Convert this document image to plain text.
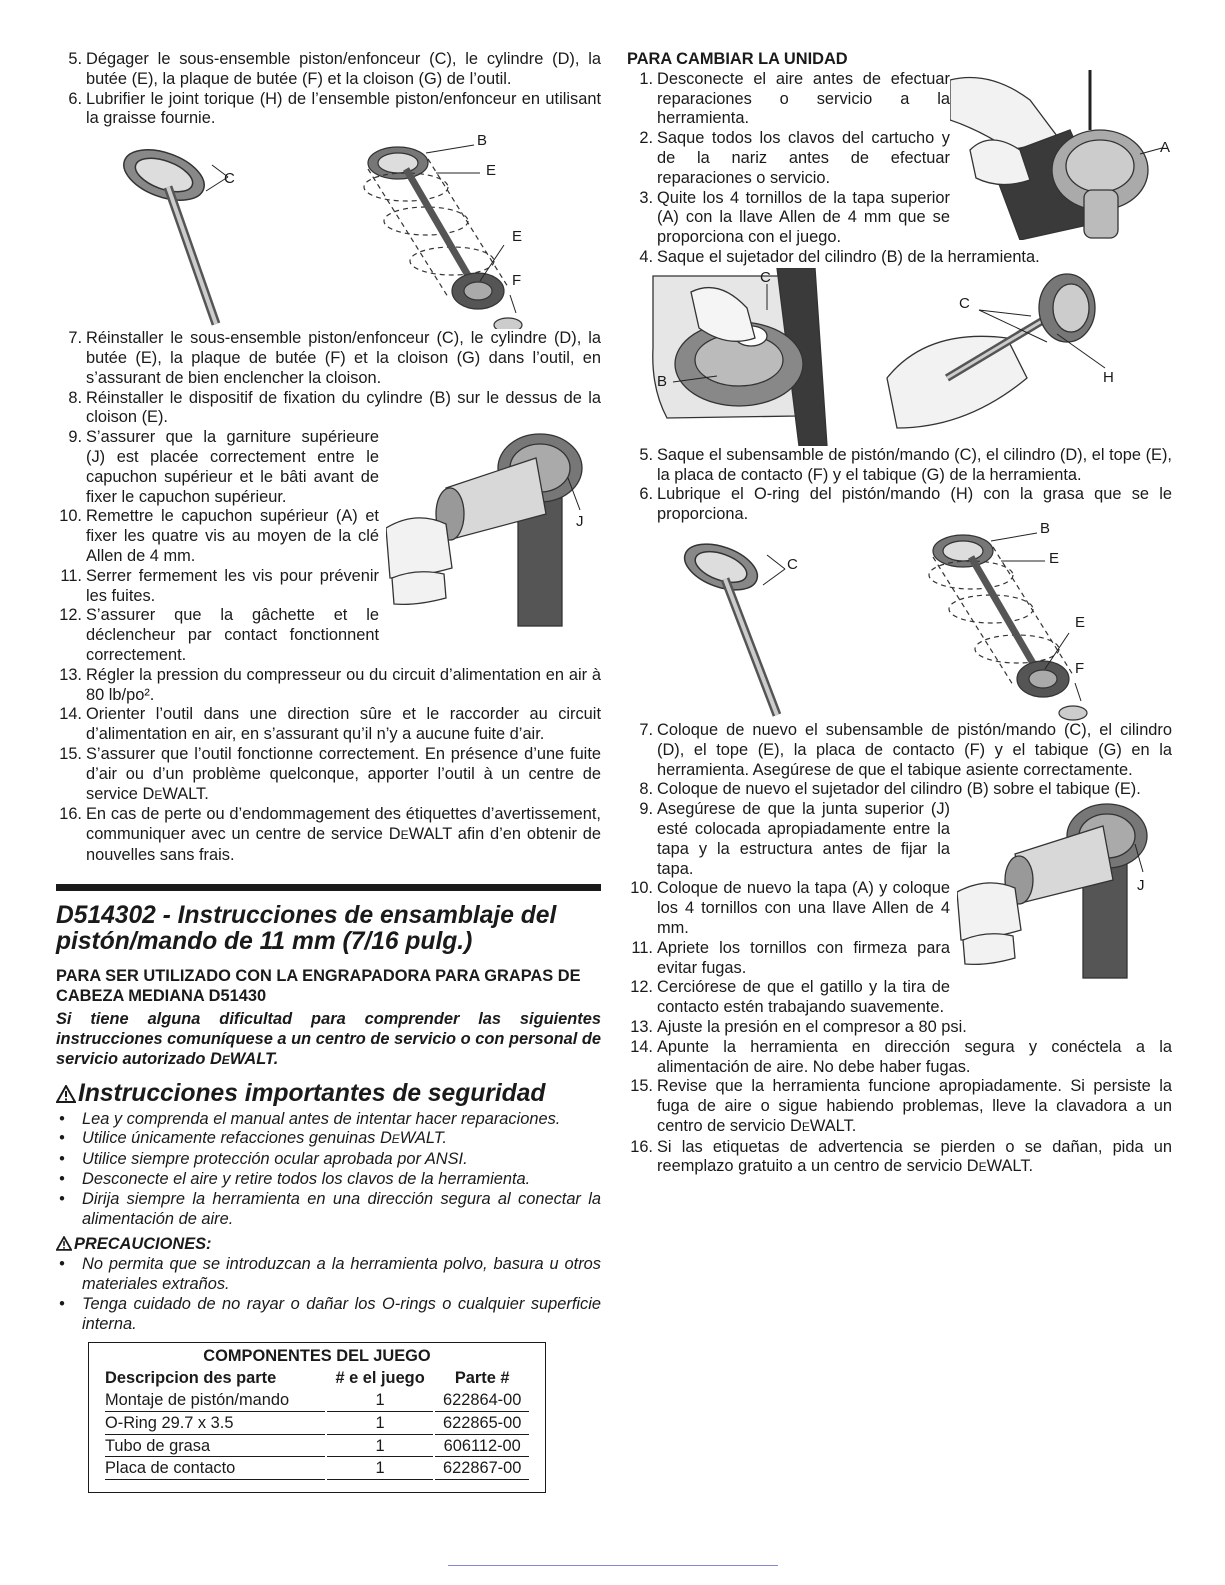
5. Dégager le sous-ensemble piston/enfonceur (C), le cylindre (D), la butée (E), la plaque de butée (F) et la cloison (G) de l’outil.
6. Lubrifier le joint torique (H) de l’ensemble piston/enfonceur en utilisant la graisse fournie.
C
B
E
E
F
7. Réinstaller le sous-ensemble piston/enfonceur (C), le cylindre (D), la butée (E), la plaque de butée (F) et la cloison (G) dans l’outil, en s’assurant de bien enclencher la cloison.
8. Réinstaller le dispositif de fixation du cylindre (B) sur le dessus de la cloison (E).
J
9. S’assurer que la garniture supérieure (J) est placée correctement entre le capuchon supérieur et le bâti avant de fixer le capuchon supérieur.
10. Remettre le capuchon supérieur (A) et fixer les quatre vis au moyen de la clé Allen de 4 mm.
11. Serrer fermement les vis pour prévenir les fuites.
12. S’assurer que la gâchette et le déclencheur par contact fonctionnent correctement.
13. Régler la pression du compresseur ou du circuit d’alimentation en air à 80 lb/po².
14. Orienter l’outil dans une direction sûre et le raccorder au circuit d’alimentation en air, en s’assurant qu’il n’y a aucune fuite d’air.
15. S’assurer que l’outil fonctionne correctement. En présence d’une fuite d’air ou d’un problème quelconque, apporter l’outil à un centre de service DEWALT.
16. En cas de perte ou d’endommagement des étiquettes d’avertissement, communiquer avec un centre de service DEWALT afin d’en obtenir de nouvelles sans frais.
D514302 - Instrucciones de ensamblaje del pistón/mando de 11 mm (7/16 pulg.)

PARA SER UTILIZADO CON LA ENGRAPADORA PARA GRAPAS DE CABEZA MEDIANA D51430

Si tiene alguna dificultad para comprender las siguientes instrucciones comuníquese a un centro de servicio o con personal de servicio autorizado DEWALT.

Instrucciones importantes de seguridad
• Lea y comprenda el manual antes de intentar hacer reparaciones.
• Utilice únicamente refacciones genuinas DEWALT.
• Utilice siempre protección ocular aprobada por ANSI.
• Desconecte el aire y retire todos los clavos de la herramienta.
• Dirija siempre la herramienta en una dirección segura al conectar la alimentación de aire.

PRECAUCIONES:

• No permita que se introduzcan a la herramienta polvo, basura u otros materiales extraños.
• Tenga cuidado de no rayar o dañar los O-rings o cualquier superficie interna.
COMPONENTES DEL JUEGO		
Descripcion des parte	# e el juego	Parte #
Montaje de pistón/mando	1	622864-00
O-Ring 29.7 x 3.5	1	622865-00
Tubo de grasa	1	606112-00
Placa de contacto	1	622867-00

PARA CAMBIAR LA UNIDAD

A
1. Desconecte el aire antes de efectuar reparaciones o servicio a la herramienta.
2. Saque todos los clavos del cartucho y de la nariz antes de efectuar reparaciones o servicio.
3. Quite los 4 tornillos de la tapa superior (A) con la llave Allen de 4 mm que se proporciona con el juego.
4. Saque el sujetador del cilindro (B) de la herramienta.
C
B
C
H
5. Saque el subensamble de pistón/mando (C), el cilindro (D), el tope (E), la placa de contacto (F) y el tabique (G) de la herramienta.
6. Lubrique el O-ring del pistón/mando (H) con la grasa que se le proporciona.
C
B
E
E
F
7. Coloque de nuevo el subensamble de pistón/mando (C), el cilindro (D), el tope (E), la placa de contacto (F) y el tabique (G) en la herramienta. Asegúrese de que el tabique asiente correctamente.
8. Coloque de nuevo el sujetador del cilindro (B) sobre el tabique (E).
J
9. Asegúrese de que la junta superior (J) esté colocada apropiadamente entre la tapa y la estructura antes de fijar la tapa.
10. Coloque de nuevo la tapa (A) y coloque los 4 tornillos con una llave Allen de 4 mm.
11. Apriete los tornillos con firmeza para evitar fugas.
12. Cerciórese de que el gatillo y la tira de contacto estén trabajando suavemente.
13. Ajuste la presión en el compresor a 80 psi.
14. Apunte la herramienta en dirección segura y conéctela a la alimentación de aire. No debe haber fugas.
15. Revise que la herramienta funcione apropiadamente. Si persiste la fuga de aire o sigue habiendo problemas, lleve la clavadora a un centro de servicio DEWALT.
16. Si las etiquetas de advertencia se pierden o se dañan, pida un reemplazo gratuito a un centro de servicio DEWALT.
